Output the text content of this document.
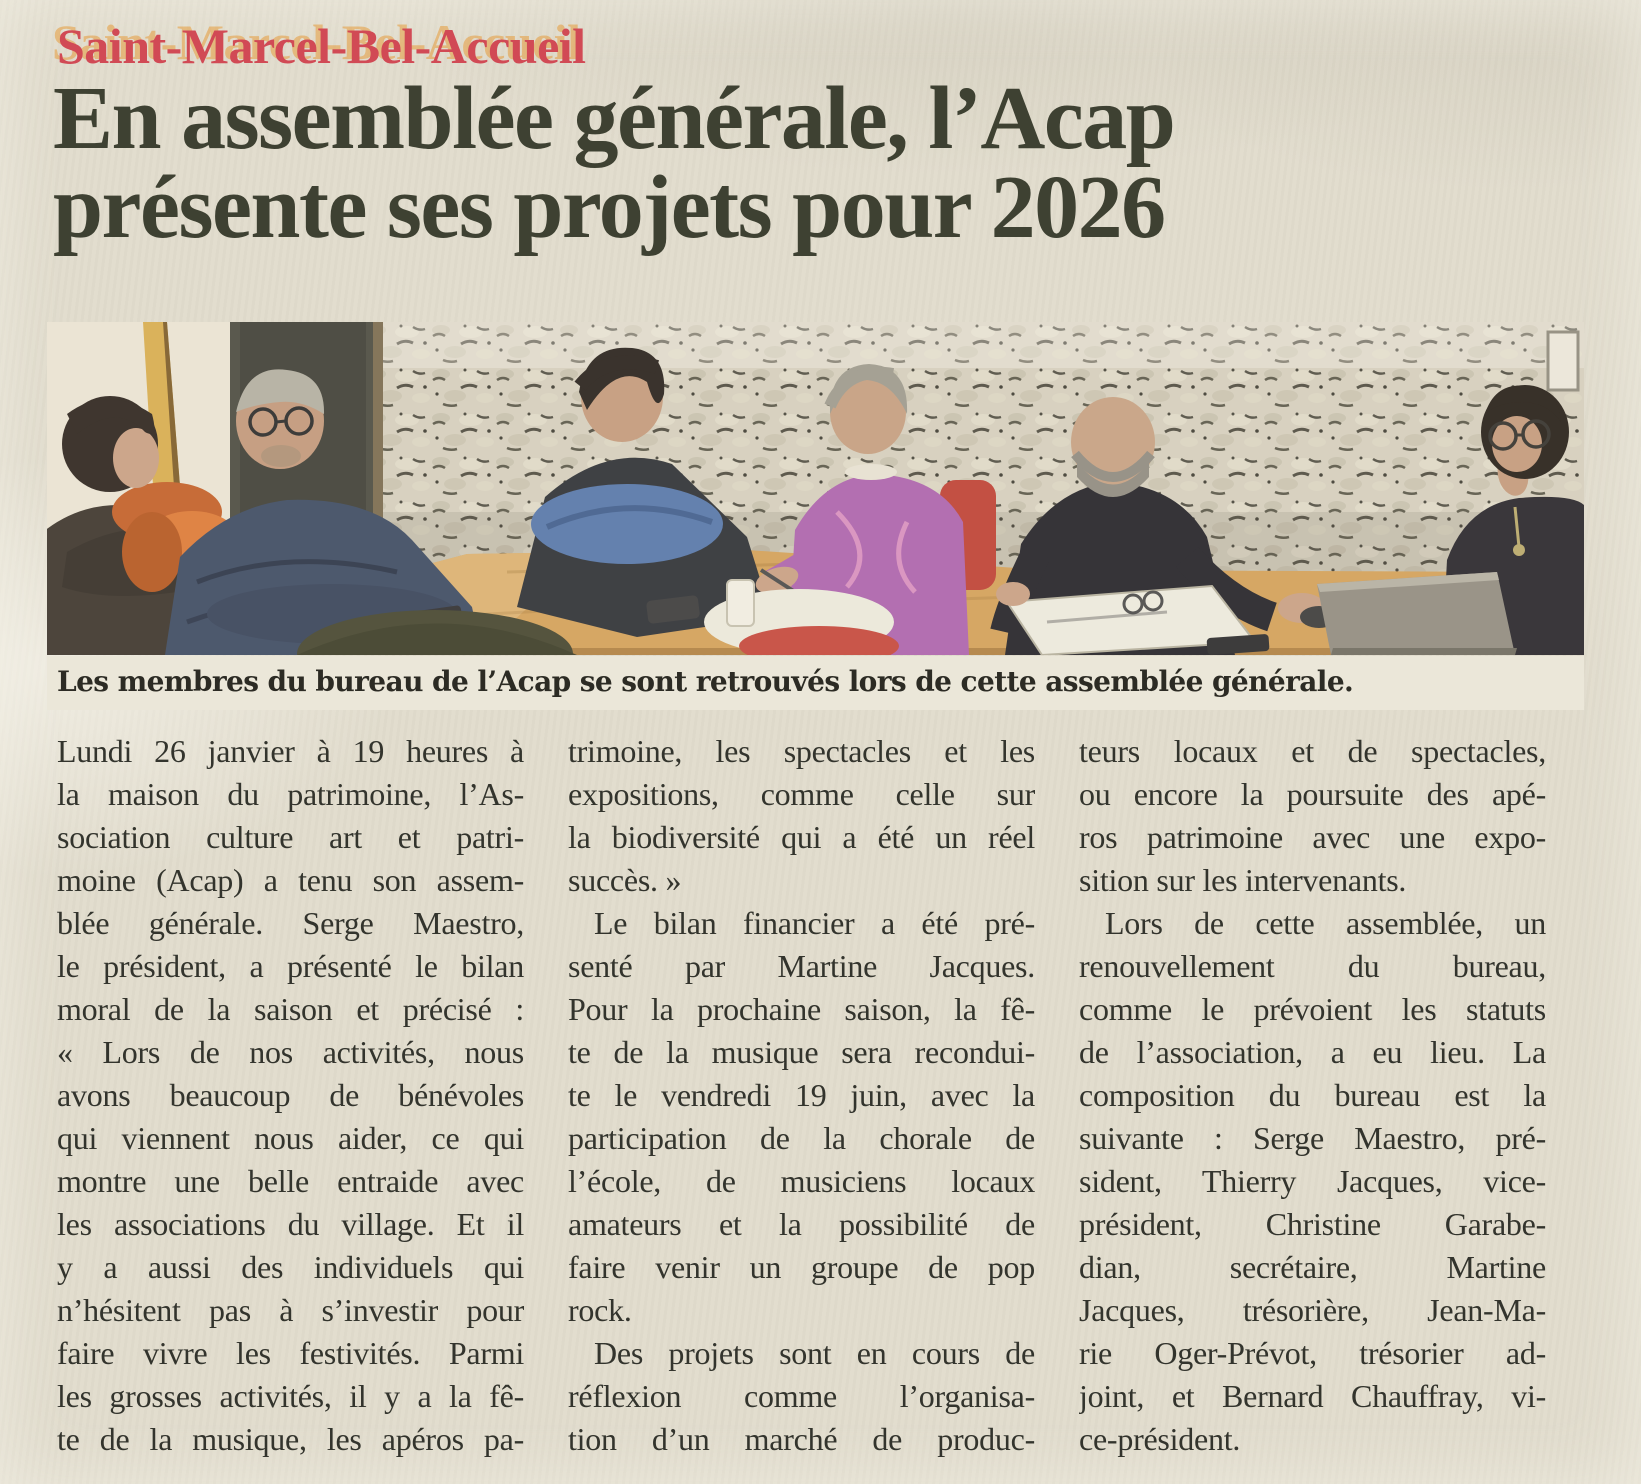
Saint-Marcel-Bel-Accueil
En assemblée générale, l’Acap
présente ses projets pour 2026
Les membres du bureau de l’Acap se sont retrouvés lors de cette assemblée générale.
Lundi 26 janvier à 19 heures à
la maison du patrimoine, l’As-
sociation culture art et patri-
moine (Acap) a tenu son assem-
blée générale. Serge Maestro,
le président, a présenté le bilan
moral de la saison et précisé :
« Lors de nos activités, nous
avons beaucoup de bénévoles
qui viennent nous aider, ce qui
montre une belle entraide avec
les associations du village. Et il
y a aussi des individuels qui
n’hésitent pas à s’investir pour
faire vivre les festivités. Parmi
les grosses activités, il y a la fê-
te de la musique, les apéros pa-
trimoine, les spectacles et les
expositions, comme celle sur
la biodiversité qui a été un réel
succès. »
Le bilan financier a été pré-
senté par Martine Jacques.
Pour la prochaine saison, la fê-
te de la musique sera recondui-
te le vendredi 19 juin, avec la
participation de la chorale de
l’école, de musiciens locaux
amateurs et la possibilité de
faire venir un groupe de pop
rock.
Des projets sont en cours de
réflexion comme l’organisa-
tion d’un marché de produc-
teurs locaux et de spectacles,
ou encore la poursuite des apé-
ros patrimoine avec une expo-
sition sur les intervenants.
Lors de cette assemblée, un
renouvellement du bureau,
comme le prévoient les statuts
de l’association, a eu lieu. La
composition du bureau est la
suivante : Serge Maestro, pré-
sident, Thierry Jacques, vice-
président, Christine Garabe-
dian, secrétaire, Martine
Jacques, trésorière, Jean-Ma-
rie Oger-Prévot, trésorier ad-
joint, et Bernard Chauffray, vi-
ce-président.
